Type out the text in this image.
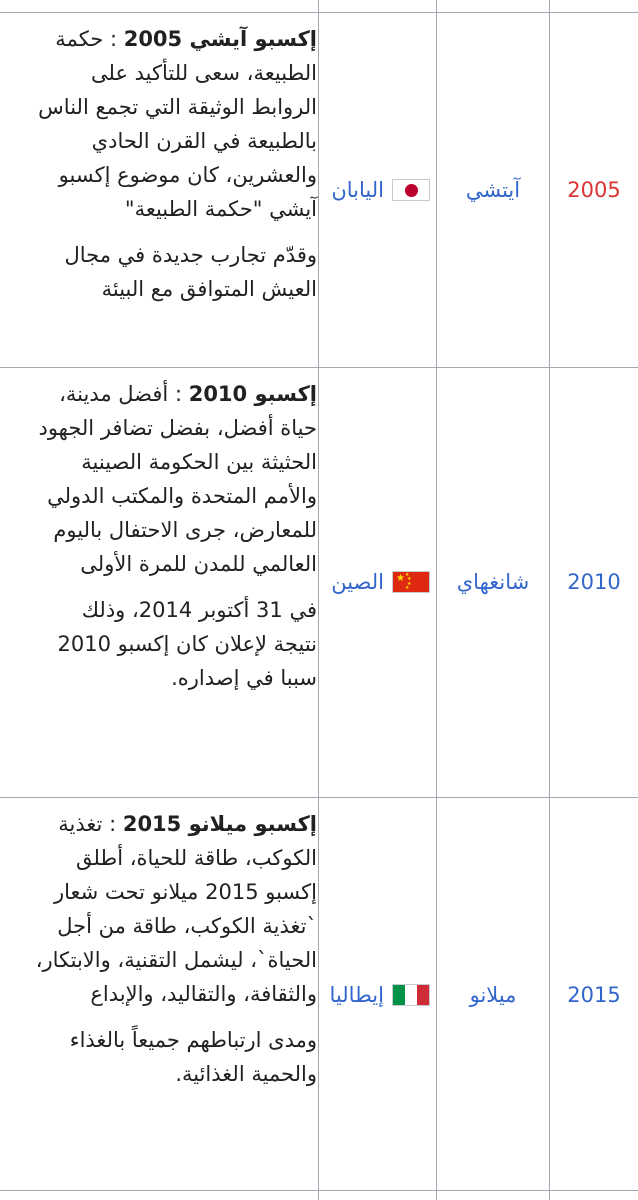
إكسبو آيشي 2005 : حكمة الطبيعة، سعى للتأكيد على الروابط الوثيقة التي تجمع الناس بالطبيعة في القرن الحادي والعشرين، كان موضوع إكسبو آيشي "حكمة الطبيعة"

وقدّم تجارب جديدة في مجال العيش المتوافق مع البيئة

اليابان	آيتشي	2005

إكسبو 2010 : أفضل مدينة، حياة أفضل، بفضل تضافر الجهود الحثيثة بين الحكومة الصينية والأمم المتحدة والمكتب الدولي للمعارض، جرى الاحتفال باليوم العالمي للمدن للمرة الأولى

في 31 أكتوبر 2014، وذلك نتيجة لإعلان كان إكسبو 2010 سببا في إصداره.

★ ★
★
★
★
الصين	شانغهاي	2010

إكسبو ميلانو 2015 : تغذية الكوكب، طاقة للحياة، أطلق إكسبو 2015 ميلانو تحت شعار `تغذية الكوكب، طاقة من أجل الحياة`، ليشمل التقنية، والابتكار، والثقافة، والتقاليد، والإبداع

ومدى ارتباطهم جميعاً بالغذاء والحمية الغذائية.

إيطاليا	ميلانو	2015
